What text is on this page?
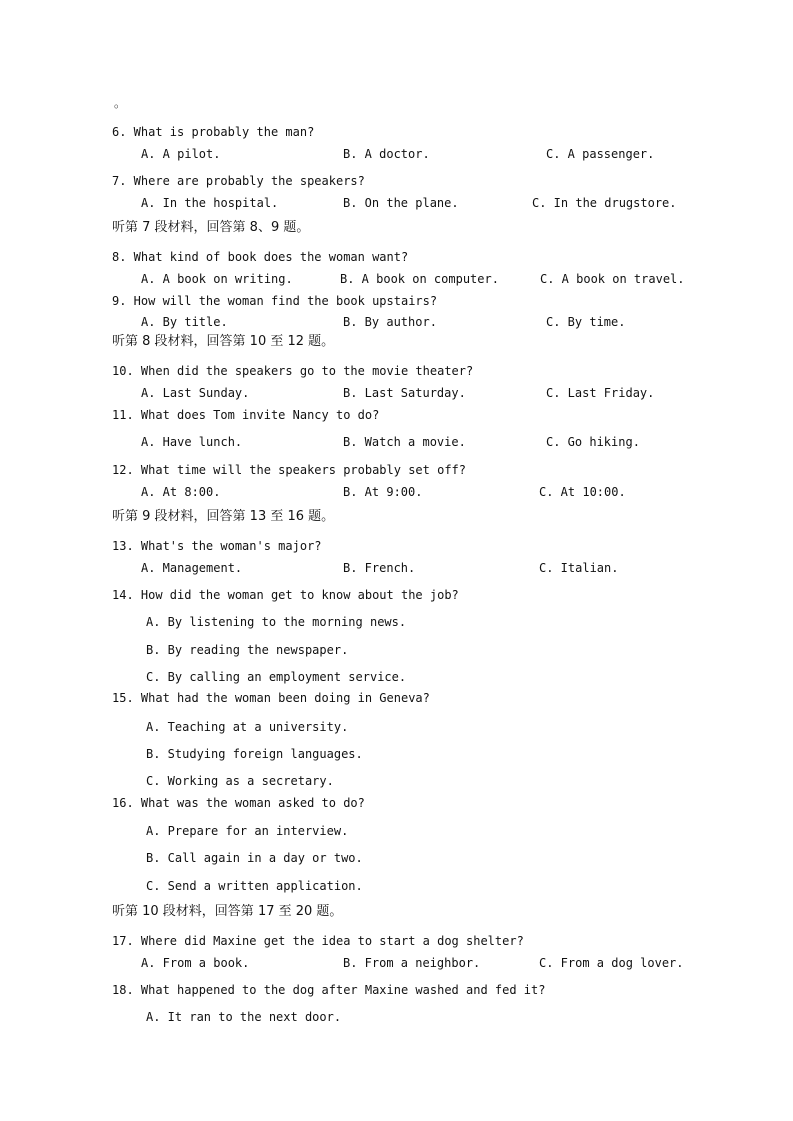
。
6. What is probably the man?
A. A pilot.	B. A doctor.	C. A passenger.
7. Where are probably the speakers?
A. In the hospital.	B. On the plane.	C. In the drugstore.
听第 7 段材料，回答第 8、9 题。
8. What kind of book does the woman want?
A. A book on writing.	B. A book on computer.	C. A book on travel.
9. How will the woman find the book upstairs?
A. By title.	B. By author.	C. By time.
听第 8 段材料，回答第 10 至 12 题。
10. When did the speakers go to the movie theater?
A. Last Sunday.	B. Last Saturday.	C. Last Friday.
11. What does Tom invite Nancy to do?
A. Have lunch.	B. Watch a movie.	C. Go hiking.
12. What time will the speakers probably set off?
A. At 8:00.	B. At 9:00.	C. At 10:00.
听第 9 段材料，回答第 13 至 16 题。
13. What's the woman's major?
A. Management.	B. French.	C. Italian.
14. How did the woman get to know about the job?
A. By listening to the morning news.
B. By reading the newspaper.
C. By calling an employment service.
15. What had the woman been doing in Geneva?
A. Teaching at a university.
B. Studying foreign languages.
C. Working as a secretary.
16. What was the woman asked to do?
A. Prepare for an interview.
B. Call again in a day or two.
C. Send a written application.
听第 10 段材料，回答第 17 至 20 题。
17. Where did Maxine get the idea to start a dog shelter?
A. From a book.	B. From a neighbor.	C. From a dog lover.
18. What happened to the dog after Maxine washed and fed it?
A. It ran to the next door.
